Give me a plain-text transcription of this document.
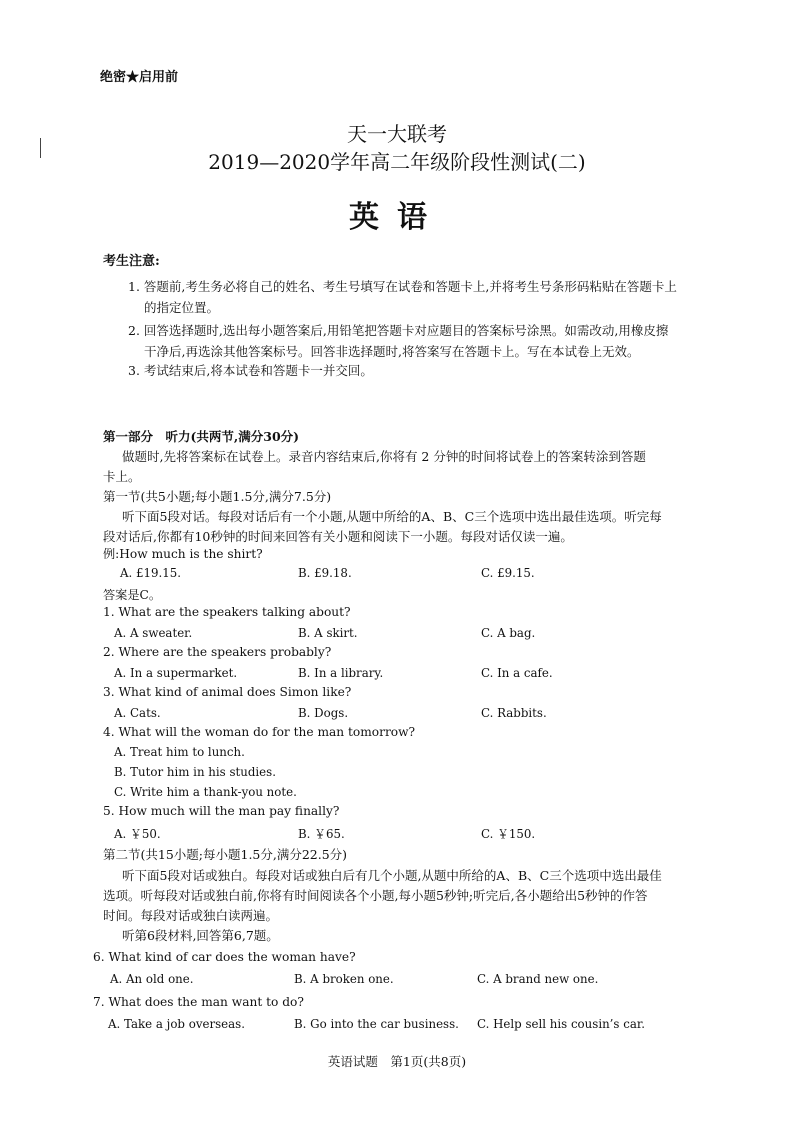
绝密★启用前
天一大联考
2019—2020学年高二年级阶段性测试(二)
英语
考生注意:
1. 答题前,考生务必将自己的姓名、考生号填写在试卷和答题卡上,并将考生号条形码粘贴在答题卡上
的指定位置。
2. 回答选择题时,选出每小题答案后,用铅笔把答题卡对应题目的答案标号涂黑。如需改动,用橡皮擦
干净后,再选涂其他答案标号。回答非选择题时,将答案写在答题卡上。写在本试卷上无效。
3. 考试结束后,将本试卷和答题卡一并交回。
第一部分　听力(共两节,满分30分)
做题时,先将答案标在试卷上。录音内容结束后,你将有 2 分钟的时间将试卷上的答案转涂到答题
卡上。
第一节(共5小题;每小题1.5分,满分7.5分)
听下面5段对话。每段对话后有一个小题,从题中所给的A、B、C三个选项中选出最佳选项。听完每
段对话后,你都有10秒钟的时间来回答有关小题和阅读下一小题。每段对话仅读一遍。
例:How much is the shirt?
A. £19.15.	B. £9.18.	C. £9.15.
答案是C。
1. What are the speakers talking about?
A. A sweater.	B. A skirt.	C. A bag.
2. Where are the speakers probably?
A. In a supermarket.	B. In a library.	C. In a cafe.
3. What kind of animal does Simon like?
A. Cats.	B. Dogs.	C. Rabbits.
4. What will the woman do for the man tomorrow?
A. Treat him to lunch.
B. Tutor him in his studies.
C. Write him a thank-you note.
5. How much will the man pay finally?
A. ￥50.	B. ￥65.	C. ￥150.
第二节(共15小题;每小题1.5分,满分22.5分)
听下面5段对话或独白。每段对话或独白后有几个小题,从题中所给的A、B、C三个选项中选出最佳
选项。听每段对话或独白前,你将有时间阅读各个小题,每小题5秒钟;听完后,各小题给出5秒钟的作答
时间。每段对话或独白读两遍。
听第6段材料,回答第6,7题。
6. What kind of car does the woman have?
A. An old one.	B. A broken one.	C. A brand new one.
7. What does the man want to do?
A. Take a job overseas.	B. Go into the car business. C. Help sell his cousin’s car.
英语试题　第1页(共8页)
